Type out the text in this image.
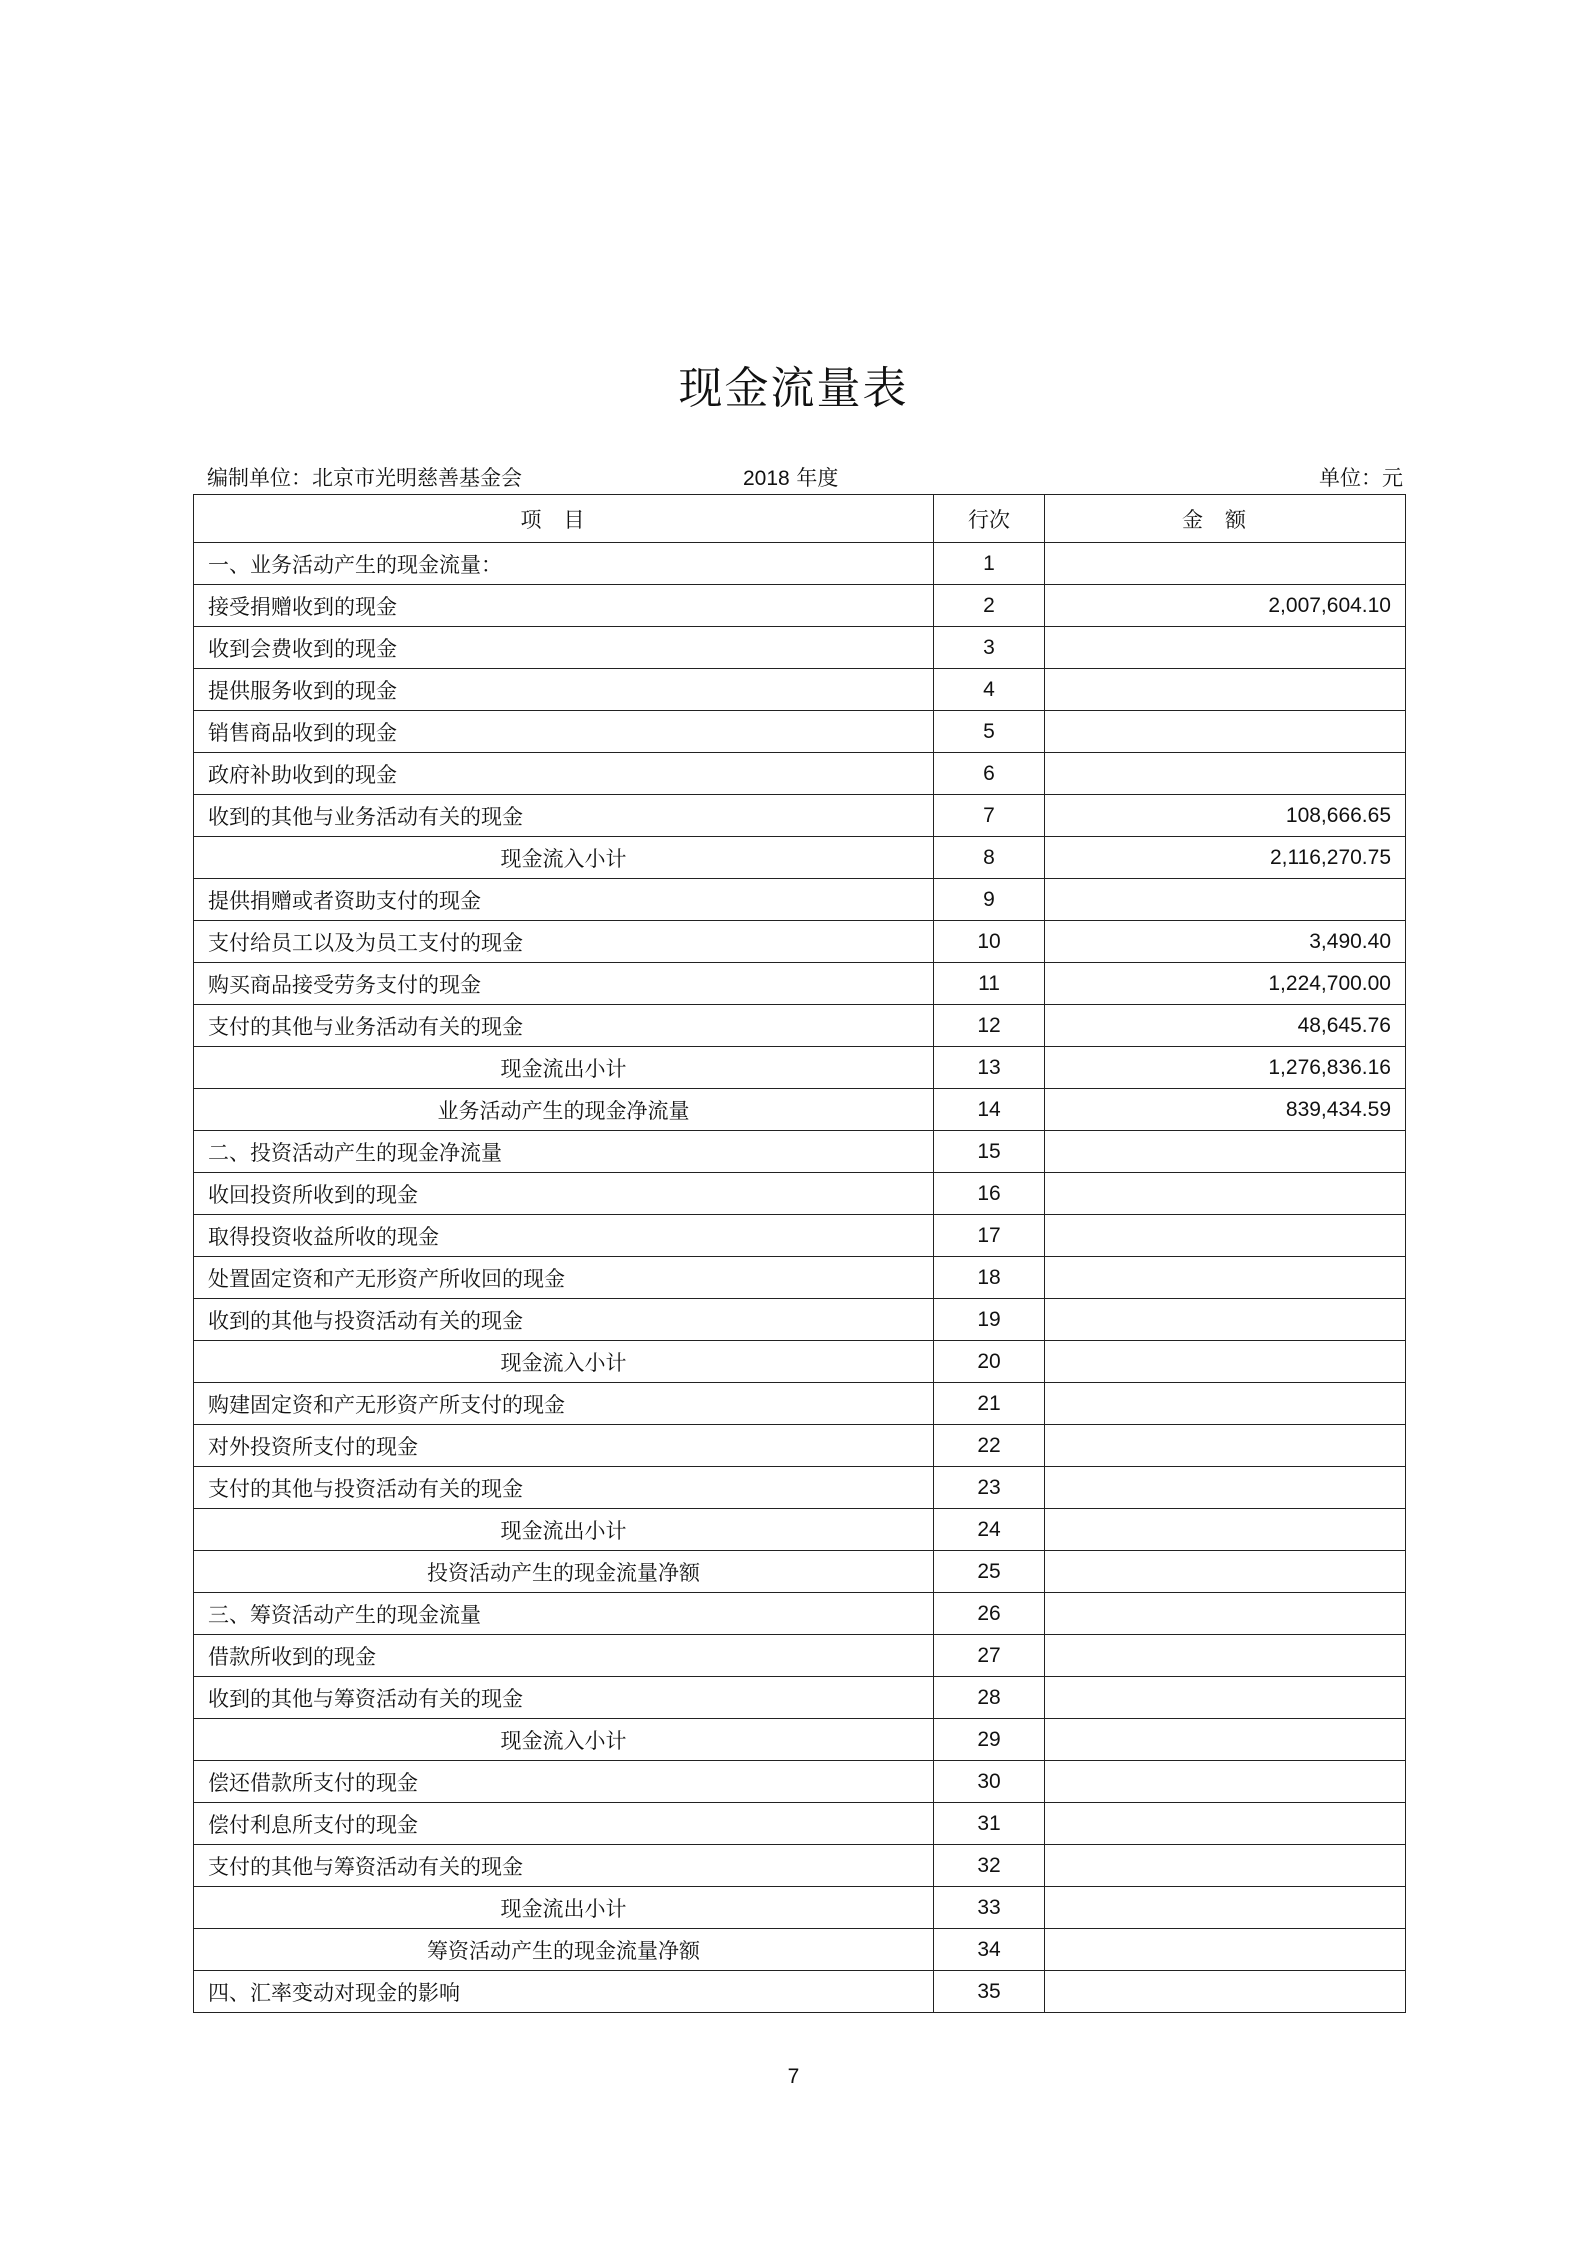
现金流量表
编制单位：北京市光明慈善基金会	2018 年度	单位：元
项目	行次	金额
一、业务活动产生的现金流量：	1	
接受捐赠收到的现金	2	2,007,604.10
收到会费收到的现金	3	
提供服务收到的现金	4	
销售商品收到的现金	5	
政府补助收到的现金	6	
收到的其他与业务活动有关的现金	7	108,666.65
现金流入小计	8	2,116,270.75
提供捐赠或者资助支付的现金	9	
支付给员工以及为员工支付的现金	10	3,490.40
购买商品接受劳务支付的现金	11	1,224,700.00
支付的其他与业务活动有关的现金	12	48,645.76
现金流出小计	13	1,276,836.16
业务活动产生的现金净流量	14	839,434.59
二、投资活动产生的现金净流量	15	
收回投资所收到的现金	16	
取得投资收益所收的现金	17	
处置固定资和产无形资产所收回的现金	18	
收到的其他与投资活动有关的现金	19	
现金流入小计	20	
购建固定资和产无形资产所支付的现金	21	
对外投资所支付的现金	22	
支付的其他与投资活动有关的现金	23	
现金流出小计	24	
投资活动产生的现金流量净额	25	
三、筹资活动产生的现金流量	26	
借款所收到的现金	27	
收到的其他与筹资活动有关的现金	28	
现金流入小计	29	
偿还借款所支付的现金	30	
偿付利息所支付的现金	31	
支付的其他与筹资活动有关的现金	32	
现金流出小计	33	
筹资活动产生的现金流量净额	34	
四、汇率变动对现金的影响	35	
7
